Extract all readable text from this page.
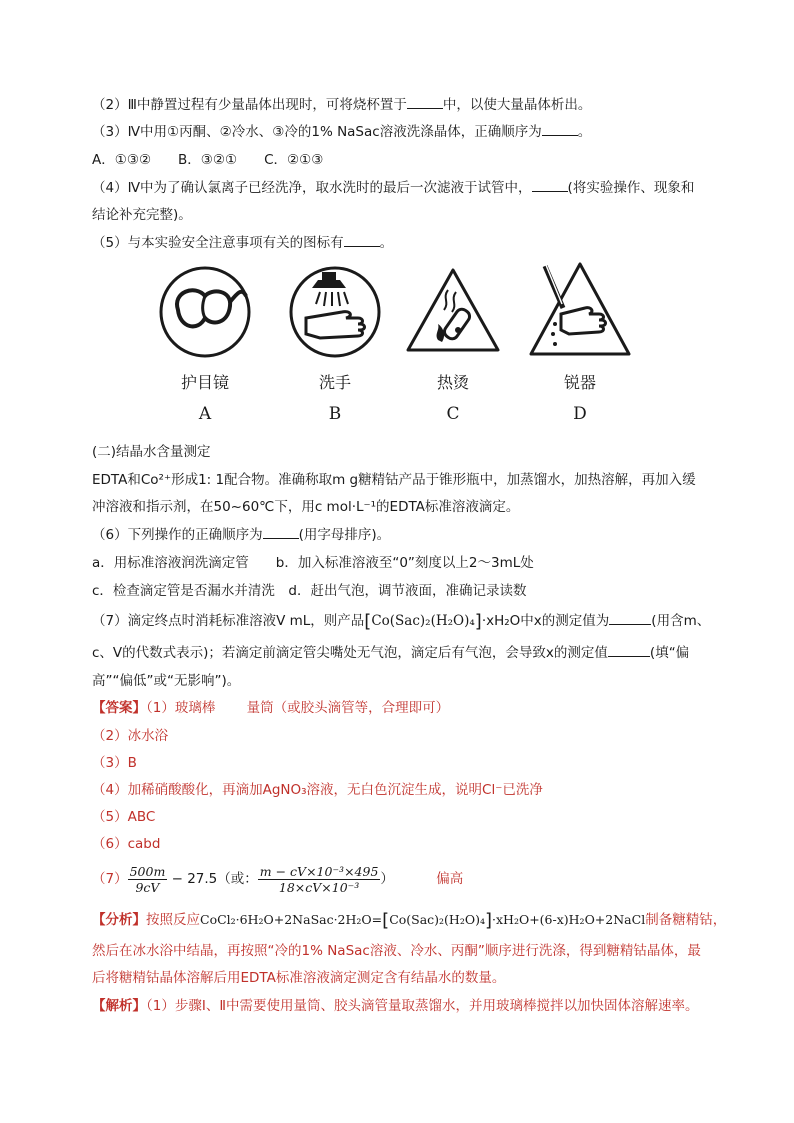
（2）Ⅲ中静置过程有少量晶体出现时，可将烧杯置于	中，以使大量晶体析出。
（3）Ⅳ中用①丙酮、②冷水、③冷的1% NaSac溶液洗涤晶体，正确顺序为	。
A．①③②　　B．③②①　　C．②①③
（4）Ⅳ中为了确认氯离子已经洗净，取水洗时的最后一次滤液于试管中，	(将实验操作、现象和
结论补充完整)。
（5）与本实验安全注意事项有关的图标有	。
护目镜	洗手	热烫	锐器
A	B	C	D
(二)结晶水含量测定
EDTA和Co²⁺形成1: 1配合物。准确称取m g糖精钴产品于锥形瓶中，加蒸馏水，加热溶解，再加入缓
冲溶液和指示剂，在50~60℃下，用c mol·L⁻¹的EDTA标准溶液滴定。
（6）下列操作的正确顺序为	(用字母排序)。
a．用标准溶液润洗滴定管　　b．加入标准溶液至“0”刻度以上2～3mL处
c．检查滴定管是否漏水并清洗　d．赶出气泡，调节液面，准确记录读数
（7）滴定终点时消耗标准溶液V mL，则产品[Co(Sac)₂(H₂O)₄]·xH₂O中x的测定值为	(用含m、
c、V的代数式表示)；若滴定前滴定管尖嘴处无气泡，滴定后有气泡，会导致x的测定值	(填“偏
高”“偏低”或“无影响”)。
【答案】（1）玻璃棒　　 量筒（或胶头滴管等，合理即可）
（2）冰水浴
（3）B
（4）加稀硝酸酸化，再滴加AgNO₃溶液，无白色沉淀生成，说明Cl⁻已洗净
（5）ABC
（6）cabd
$(7) \frac{500m}{9cV} - 27.5$（或： $\frac{\text{m − cV×10⁻³×495}}{\text{18×cV×10⁻³}}$ ）	偏高
【分析】按照反应CoCl₂·6H₂O+2NaSac·2H₂O=[Co(Sac)₂(H₂O)₄]·xH₂O+(6-x)H₂O+2NaCl制备糖精钴，
然后在冰水浴中结晶，再按照“冷的1% NaSac溶液、冷水、丙酮”顺序进行洗涤，得到糖精钴晶体，最
后将糖精钴晶体溶解后用EDTA标准溶液滴定测定含有结晶水的数量。
【解析】（1）步骤Ⅰ、Ⅱ中需要使用量筒、胶头滴管量取蒸馏水，并用玻璃棒搅拌以加快固体溶解速率。
